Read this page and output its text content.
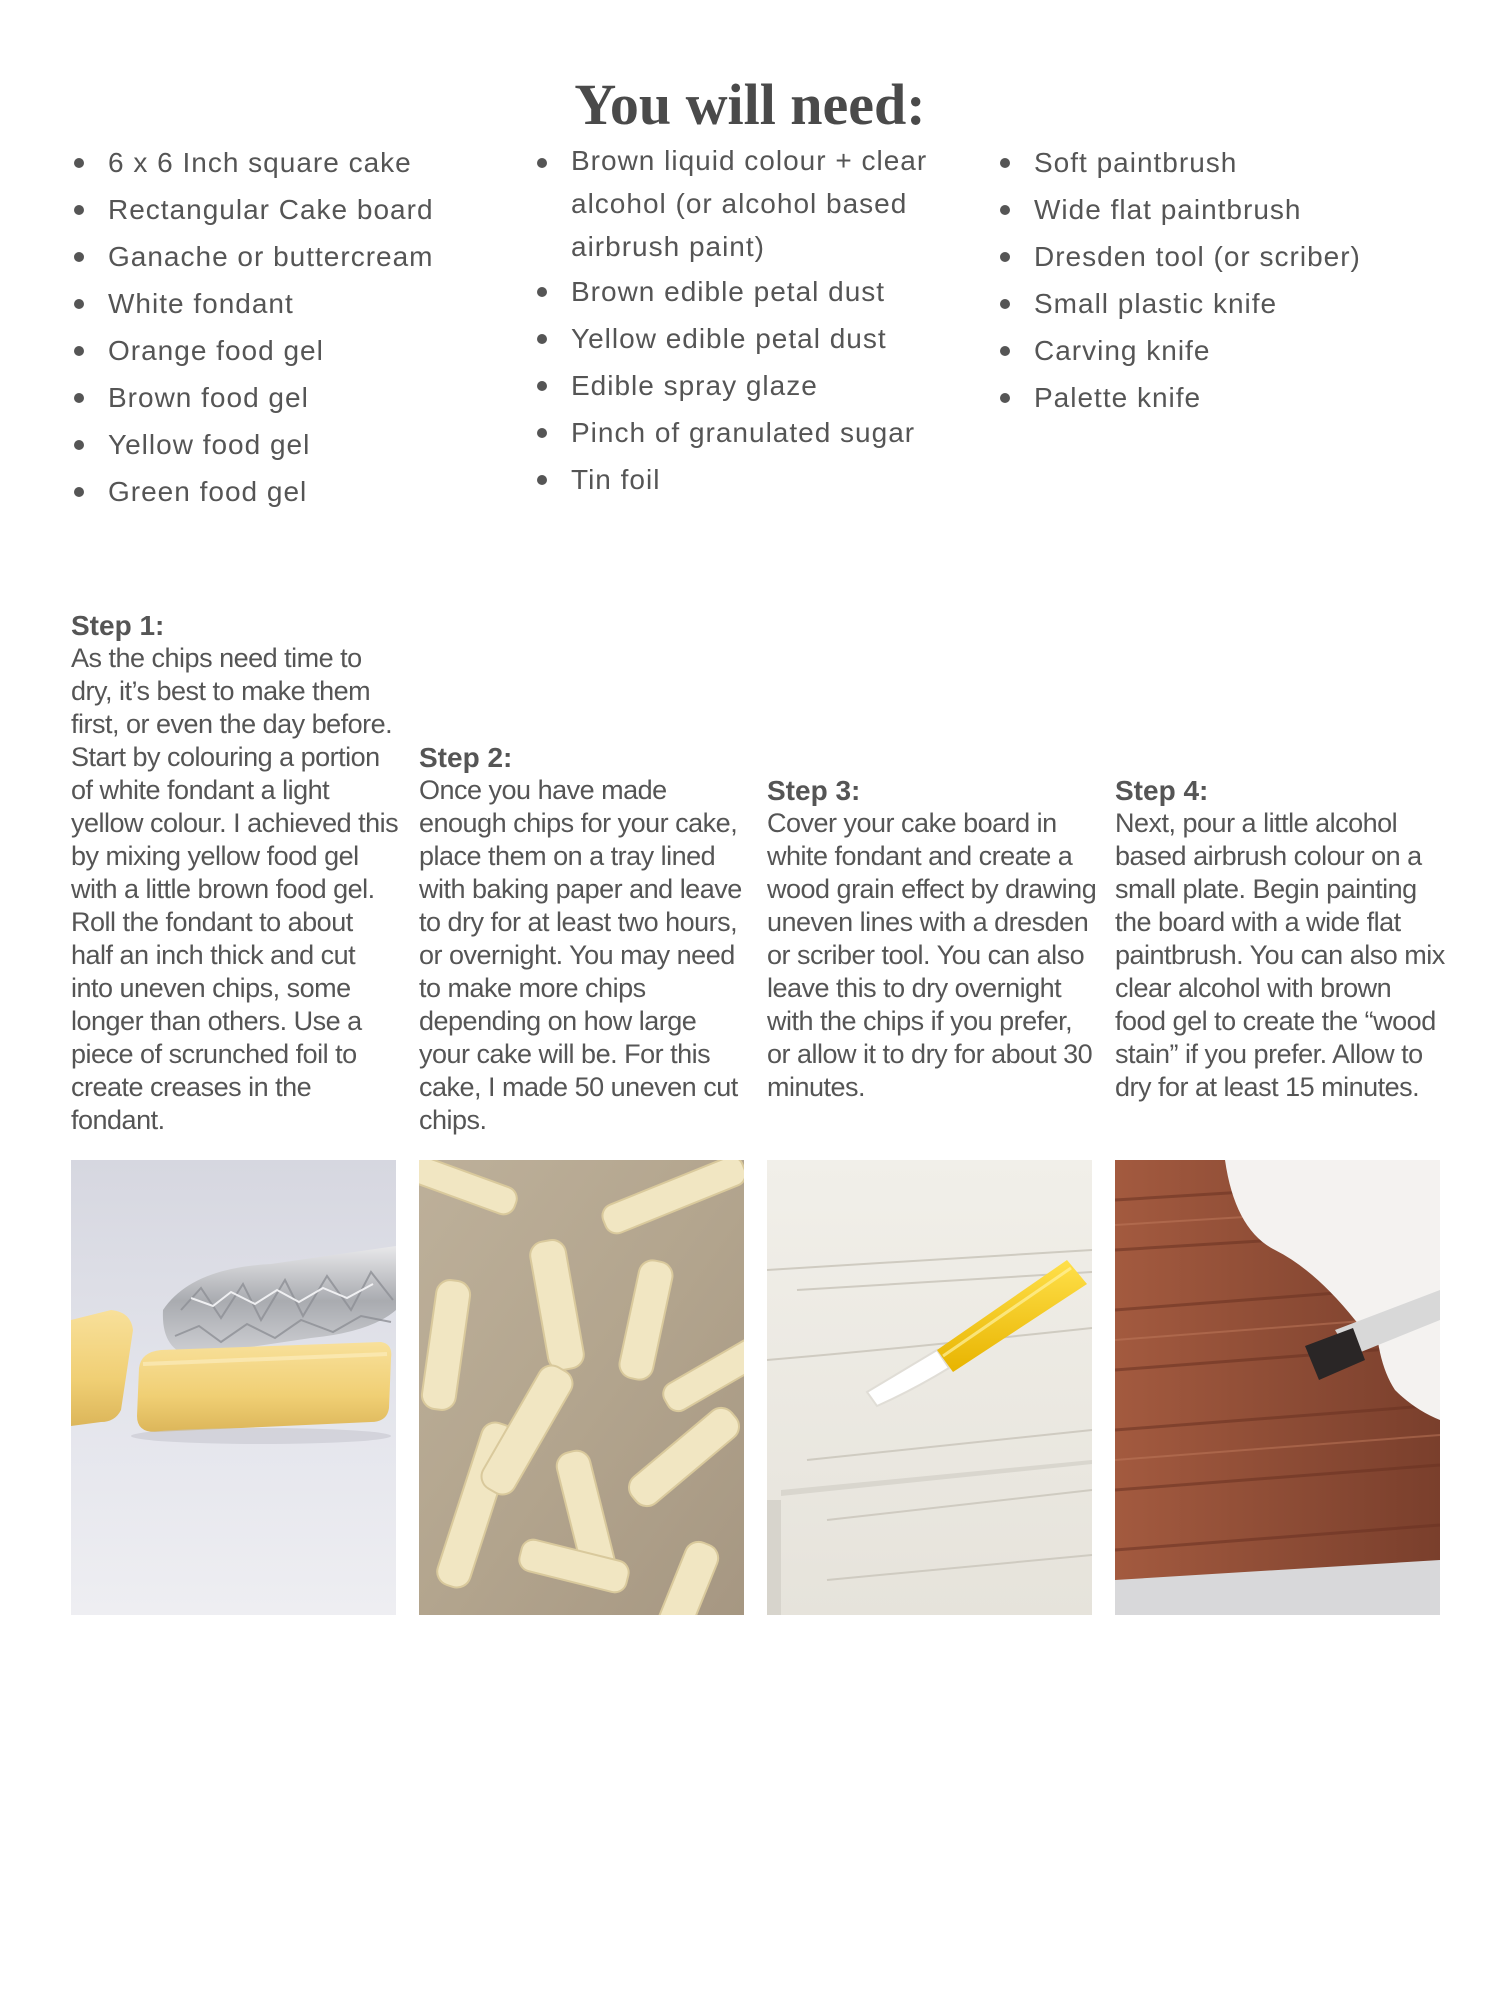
You will need:
6 x 6 Inch square cake
Rectangular Cake board
Ganache or buttercream
White fondant
Orange food gel
Brown food gel
Yellow food gel
Green food gel
Brown liquid colour + clear alcohol (or alcohol based airbrush paint)
Brown edible petal dust
Yellow edible petal dust
Edible spray glaze
Pinch of granulated sugar
Tin foil
Soft paintbrush
Wide flat paintbrush
Dresden tool (or scriber)
Small plastic knife
Carving knife
Palette knife
Step 1:

As the chips need time to dry, it’s best to make them first, or even the day before. Start by colouring a portion of white fondant a light yellow colour. I achieved this by mixing yellow food gel with a little brown food gel. Roll the fondant to about half an inch thick and cut into uneven chips, some longer than others. Use a piece of scrunched foil to create creases in the fondant.

Step 2:

Once you have made enough chips for your cake, place them on a tray lined with baking paper and leave to dry for at least two hours, or overnight. You may need to make more chips depending on how large your cake will be. For this cake, I made 50 uneven cut chips.

Step 3:

Cover your cake board in white fondant and create a wood grain effect by drawing uneven lines with a dresden or scriber tool. You can also leave this to dry overnight with the chips if you prefer, or allow it to dry for about 30 minutes.

Step 4:

Next, pour a little alcohol based airbrush colour on a small plate. Begin painting the board with a wide flat paintbrush. You can also mix clear alcohol with brown food gel to create the “wood stain” if you prefer. Allow to dry for at least 15 minutes.
